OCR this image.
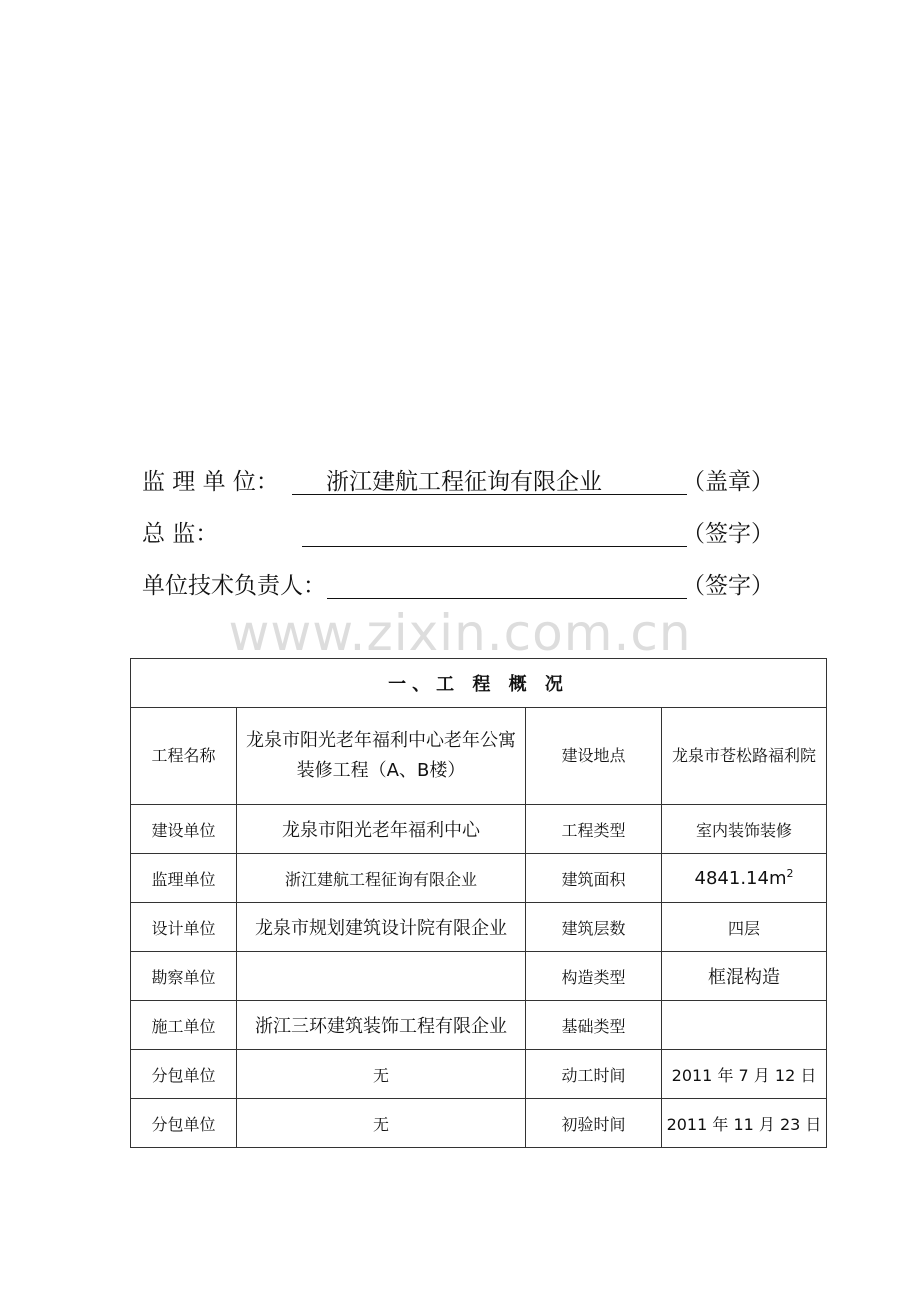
监 理 单 位： 浙江建航工程征询有限企业	（盖章）
总 监：	（签字）
单位技术负责人：	（签字）
www.zixin.com.cn
一、工 程 概 况			
工程名称	龙泉市阳光老年福利中心老年公寓装修工程（A、B楼）	建设地点	龙泉市苍松路福利院
建设单位	龙泉市阳光老年福利中心	工程类型	室内装饰装修
监理单位	浙江建航工程征询有限企业	建筑面积	$4841.14m^2$
设计单位	龙泉市规划建筑设计院有限企业	建筑层数	四层
勘察单位		构造类型	框混构造
施工单位	浙江三环建筑装饰工程有限企业	基础类型	
分包单位	无	动工时间	2011 年 7 月 12 日
分包单位	无	初验时间	2011 年 11 月 23 日
